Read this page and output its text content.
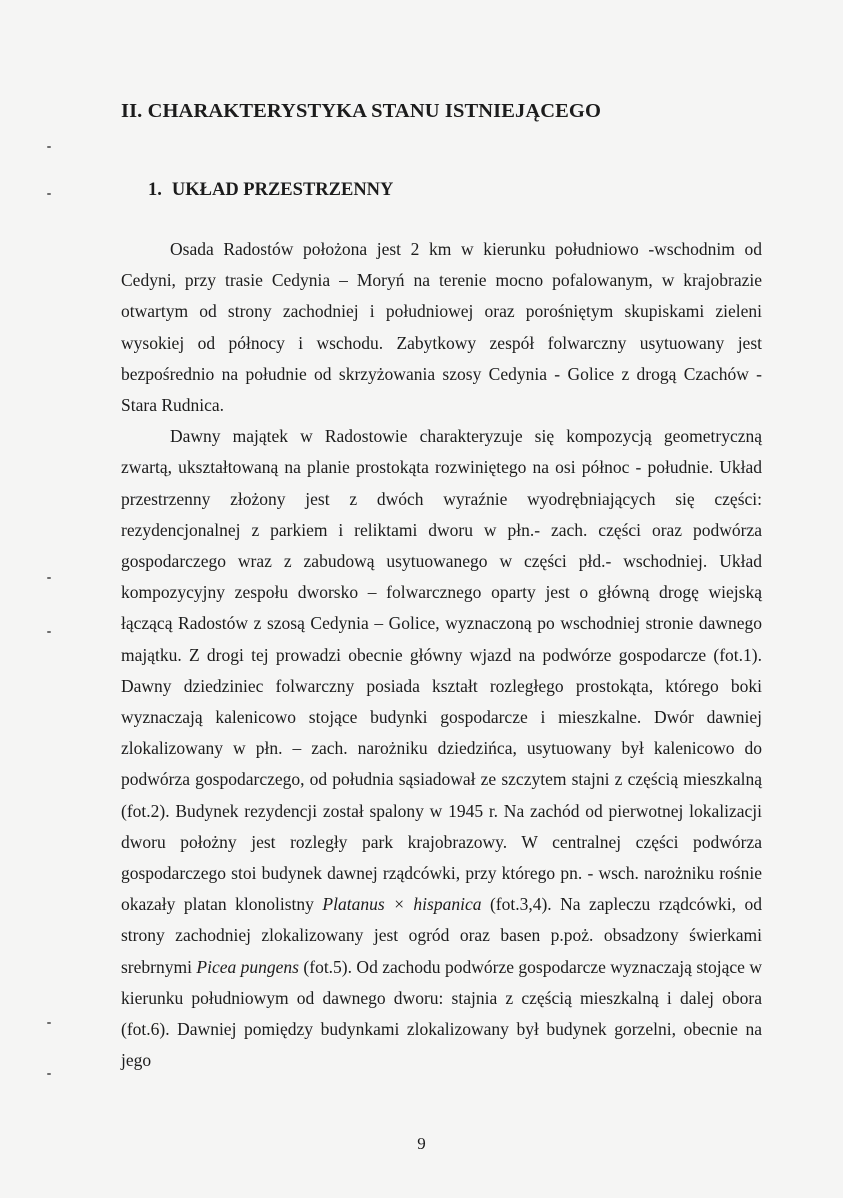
II. CHARAKTERYSTYKA STANU ISTNIEJĄCEGO
1. UKŁAD PRZESTRZENNY

Osada Radostów położona jest 2 km w kierunku południowo -wschodnim od Cedyni, przy trasie Cedynia – Moryń na terenie mocno pofalowanym, w krajobrazie otwartym od strony zachodniej i południowej oraz porośniętym skupiskami zieleni wysokiej od północy i wschodu. Zabytkowy zespół folwarczny usytuowany jest bezpośrednio na południe od skrzyżowania szosy Cedynia - Golice z drogą Czachów - Stara Rudnica.

Dawny majątek w Radostowie charakteryzuje się kompozycją geometryczną zwartą, ukształtowaną na planie prostokąta rozwiniętego na osi północ - południe. Układ przestrzenny złożony jest z dwóch wyraźnie wyodrębniających się części: rezydencjonalnej z parkiem i reliktami dworu w płn.- zach. części oraz podwórza gospodarczego wraz z zabudową usytuowanego w części płd.- wschodniej. Układ kompozycyjny zespołu dworsko – folwarcznego oparty jest o główną drogę wiejską łączącą Radostów z szosą Cedynia – Golice, wyznaczoną po wschodniej stronie dawnego majątku. Z drogi tej prowadzi obecnie główny wjazd na podwórze gospodarcze (fot.1). Dawny dziedziniec folwarczny posiada kształt rozległego prostokąta, którego boki wyznaczają kalenicowo stojące budynki gospodarcze i mieszkalne. Dwór dawniej zlokalizowany w płn. – zach. narożniku dziedzińca, usytuowany był kalenicowo do podwórza gospodarczego, od południa sąsiadował ze szczytem stajni z częścią mieszkalną (fot.2). Budynek rezydencji został spalony w 1945 r. Na zachód od pierwotnej lokalizacji dworu położny jest rozległy park krajobrazowy. W centralnej części podwórza gospodarczego stoi budynek dawnej rządcówki, przy którego pn. - wsch. narożniku rośnie okazały platan klonolistny Platanus × hispanica (fot.3,4). Na zapleczu rządcówki, od strony zachodniej zlokalizowany jest ogród oraz basen p.poż. obsadzony świerkami srebrnymi Picea pungens (fot.5). Od zachodu podwórze gospodarcze wyznaczają stojące w kierunku południowym od dawnego dworu: stajnia z częścią mieszkalną i dalej obora (fot.6). Dawniej pomiędzy budynkami zlokalizowany był budynek gorzelni, obecnie na jego

9
